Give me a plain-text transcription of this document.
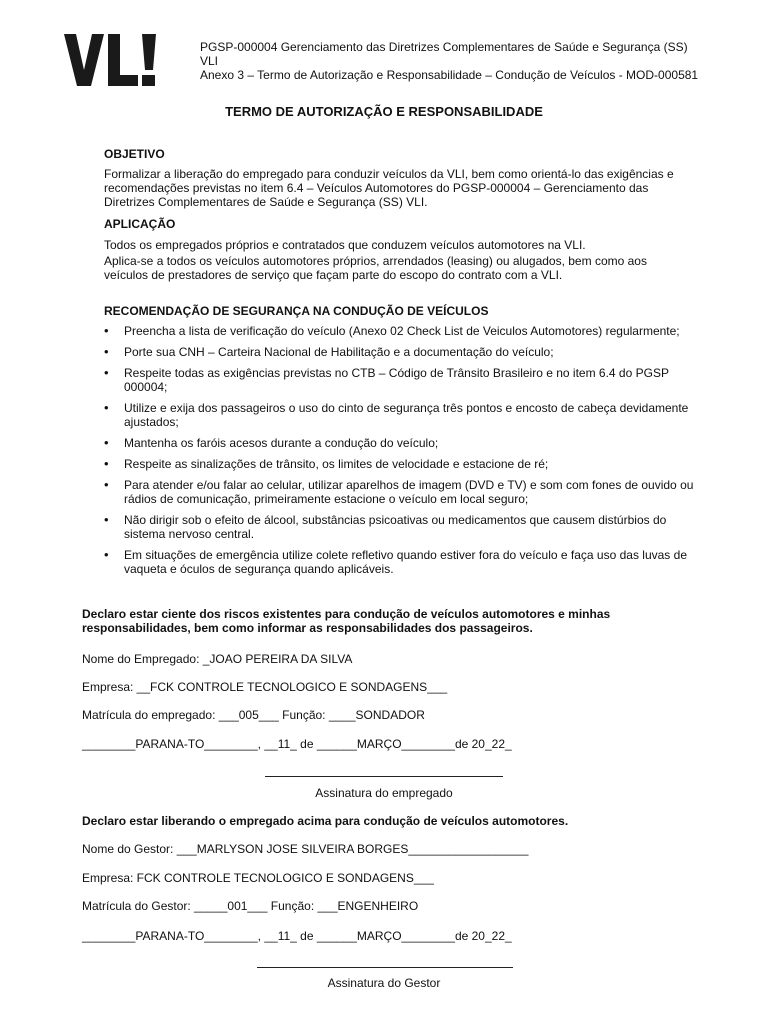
PGSP-000004 Gerenciamento das Diretrizes Complementares de Saúde e Segurança (SS)
VLI
Anexo 3 – Termo de Autorização e Responsabilidade – Condução de Veículos - MOD-000581
TERMO DE AUTORIZAÇÃO E RESPONSABILIDADE
OBJETIVO
Formalizar a liberação do empregado para conduzir veículos da VLI, bem como orientá-lo das exigências e recomendações previstas no item 6.4 – Veículos Automotores do PGSP-000004 – Gerenciamento das Diretrizes Complementares de Saúde e Segurança (SS) VLI.
APLICAÇÃO
Todos os empregados próprios e contratados que conduzem veículos automotores na VLI.
Aplica-se a todos os veículos automotores próprios, arrendados (leasing) ou alugados, bem como aos veículos de prestadores de serviço que façam parte do escopo do contrato com a VLI.
RECOMENDAÇÃO DE SEGURANÇA NA CONDUÇÃO DE VEÍCULOS
• Preencha a lista de verificação do veículo (Anexo 02 Check List de Veiculos Automotores) regularmente;
• Porte sua CNH – Carteira Nacional de Habilitação e a documentação do veículo;
• Respeite todas as exigências previstas no CTB – Código de Trânsito Brasileiro e no item 6.4 do PGSP 000004;
• Utilize e exija dos passageiros o uso do cinto de segurança três pontos e encosto de cabeça devidamente ajustados;
• Mantenha os faróis acesos durante a condução do veículo;
• Respeite as sinalizações de trânsito, os limites de velocidade e estacione de ré;
• Para atender e/ou falar ao celular, utilizar aparelhos de imagem (DVD e TV) e som com fones de ouvido ou rádios de comunicação, primeiramente estacione o veículo em local seguro;
• Não dirigir sob o efeito de álcool, substâncias psicoativas ou medicamentos que causem distúrbios do sistema nervoso central.
• Em situações de emergência utilize colete refletivo quando estiver fora do veículo e faça uso das luvas de vaqueta e óculos de segurança quando aplicáveis.
Declaro estar ciente dos riscos existentes para condução de veículos automotores e minhas responsabilidades, bem como informar as responsabilidades dos passageiros.
Nome do Empregado: _JOAO PEREIRA DA SILVA
Empresa: __FCK CONTROLE TECNOLOGICO E SONDAGENS___
Matrícula do empregado: ___005___ Função: ____SONDADOR
________PARANA-TO________, __11_ de ______MARÇO________de 20_22_
Assinatura do empregado
Declaro estar liberando o empregado acima para condução de veículos automotores.
Nome do Gestor: ___MARLYSON JOSE SILVEIRA BORGES__________________
Empresa: FCK CONTROLE TECNOLOGICO E SONDAGENS___
Matrícula do Gestor: _____001___ Função: ___ENGENHEIRO
________PARANA-TO________, __11_ de ______MARÇO________de 20_22_
Assinatura do Gestor
